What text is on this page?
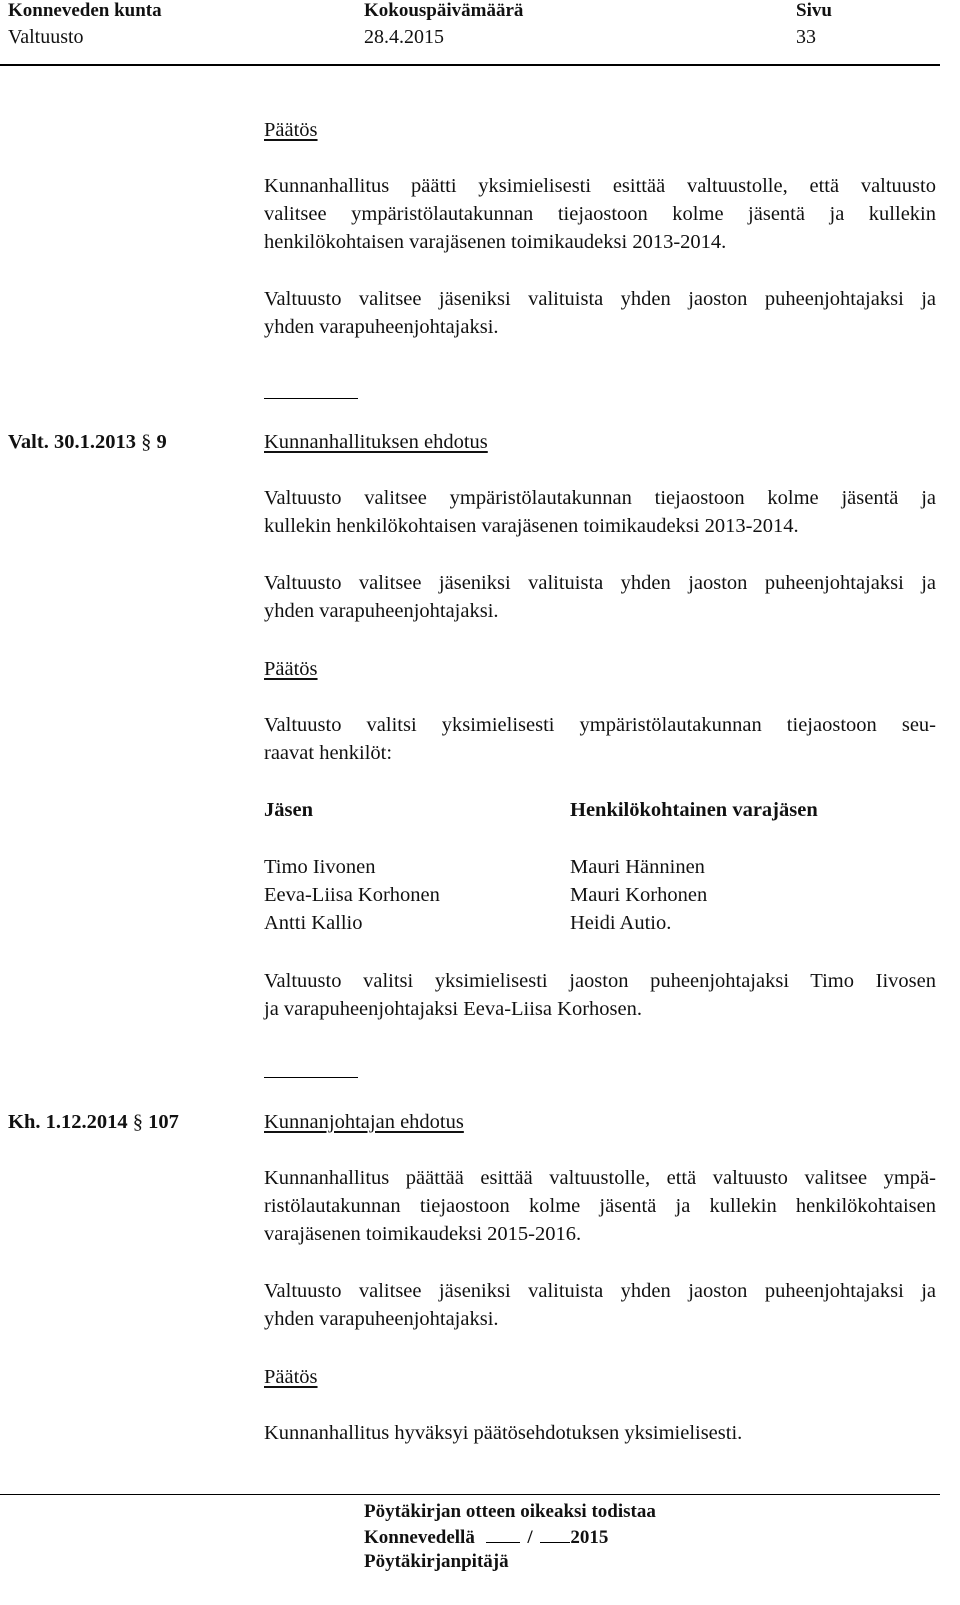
Konneveden kunta
Valtuusto
Kokouspäivämäärä
28.4.2015
Sivu
33
Päätös
Kunnanhallitus päätti yksimielisesti esittää valtuustolle, että valtuusto
valitsee ympäristölautakunnan tiejaostoon kolme jäsentä ja kullekin
henkilökohtaisen varajäsenen toimikaudeksi 2013-2014.
Valtuusto valitsee jäseniksi valituista yhden jaoston puheenjohtajaksi ja
yhden varapuheenjohtajaksi.
Valt. 30.1.2013 § 9	Kunnanhallituksen ehdotus
Valtuusto valitsee ympäristölautakunnan tiejaostoon kolme jäsentä ja
kullekin henkilökohtaisen varajäsenen toimikaudeksi 2013-2014.
Valtuusto valitsee jäseniksi valituista yhden jaoston puheenjohtajaksi ja
yhden varapuheenjohtajaksi.
Päätös
Valtuusto valitsi yksimielisesti ympäristölautakunnan tiejaostoon seu-
raavat henkilöt:
Jäsen	Henkilökohtainen varajäsen
Timo Iivonen	Mauri Hänninen
Eeva-Liisa Korhonen	Mauri Korhonen
Antti Kallio	Heidi Autio.
Valtuusto valitsi yksimielisesti jaoston puheenjohtajaksi Timo Iivosen
ja varapuheenjohtajaksi Eeva-Liisa Korhosen.
Kh. 1.12.2014 § 107	Kunnanjohtajan ehdotus
Kunnanhallitus päättää esittää valtuustolle, että valtuusto valitsee ympä-
ristölautakunnan tiejaostoon kolme jäsentä ja kullekin henkilökohtaisen
varajäsenen toimikaudeksi 2015-2016.
Valtuusto valitsee jäseniksi valituista yhden jaoston puheenjohtajaksi ja
yhden varapuheenjohtajaksi.
Päätös
Kunnanhallitus hyväksyi päätösehdotuksen yksimielisesti.
Pöytäkirjan otteen oikeaksi todistaa
Konnevedellä	/ 2015
Pöytäkirjanpitäjä
